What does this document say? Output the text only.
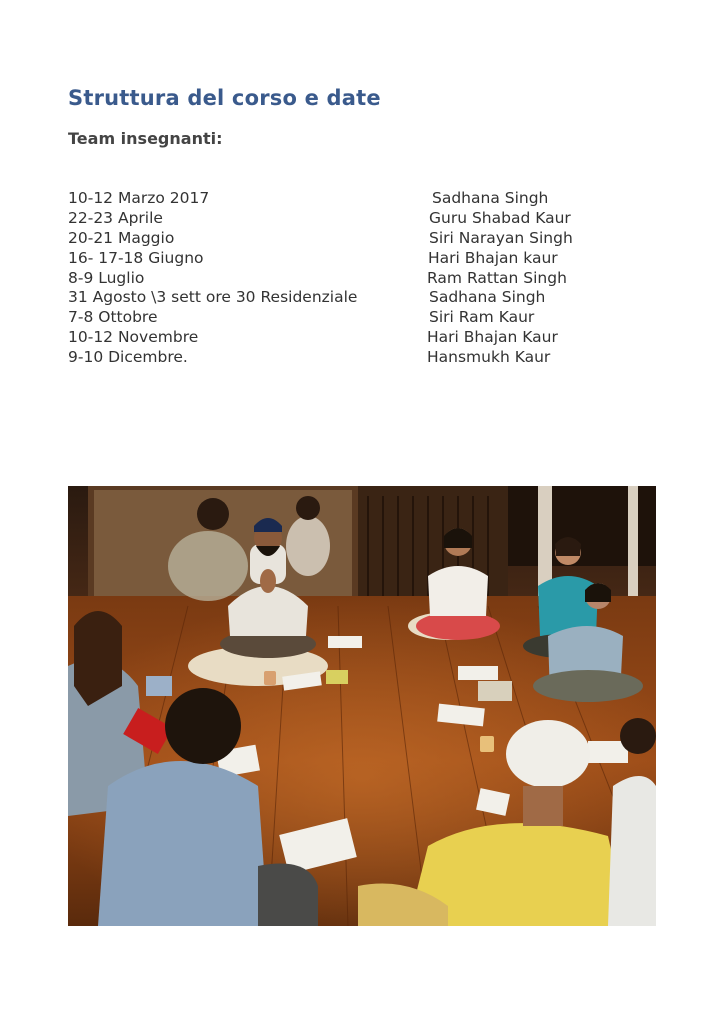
Struttura del corso e date
Team insegnanti:
10-12 Marzo 2017	Sadhana Singh
22-23 Aprile	Guru Shabad Kaur
20-21 Maggio	Siri Narayan Singh
16- 17-18 Giugno	Hari Bhajan kaur
8-9 Luglio	Ram Rattan Singh
31 Agosto \3 sett ore 30 Residenziale	Sadhana Singh
7-8 Ottobre	Siri Ram Kaur
10-12 Novembre	Hari Bhajan Kaur
9-10 Dicembre.	Hansmukh Kaur
